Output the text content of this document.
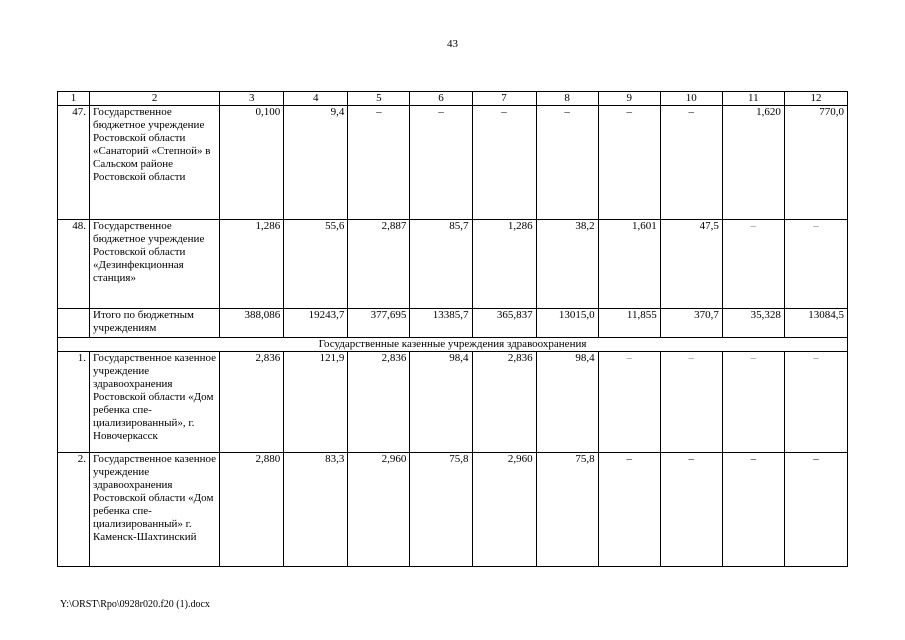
43
1	2	3	4	5	6	7	8	9	10	11	12
47.	Государственное бюджетное учреждение Ростовской области «Санаторий «Степной» в Сальском районе Ростовской области	0,100	9,4	–	–	–	–	–	–	1,620	770,0
48.	Государственное бюджетное учреждение Ростовской области «Дезинфекционная станция»	1,286	55,6	2,887	85,7	1,286	38,2	1,601	47,5	–	–
	Итого по бюджетным учреждениям	388,086	19243,7	377,695	13385,7	365,837	13015,0	11,855	370,7	35,328	13084,5
Государственные казенные учреждения здравоохранения											
1.	Государственное казенное учреждение здравоохранения Ростовской области «Дом ребенка спе-циализированный», г. Новочеркасск	2,836	121,9	2,836	98,4	2,836	98,4	–	–	–	–
2.	Государственное казенное учреждение здравоохранения Ростовской области «Дом ребенка спе-циализированный» г. Каменск-Шахтинский	2,880	83,3	2,960	75,8	2,960	75,8	–	–	–	–
Y:\ORST\Rpo\0928r020.f20 (1).docx
